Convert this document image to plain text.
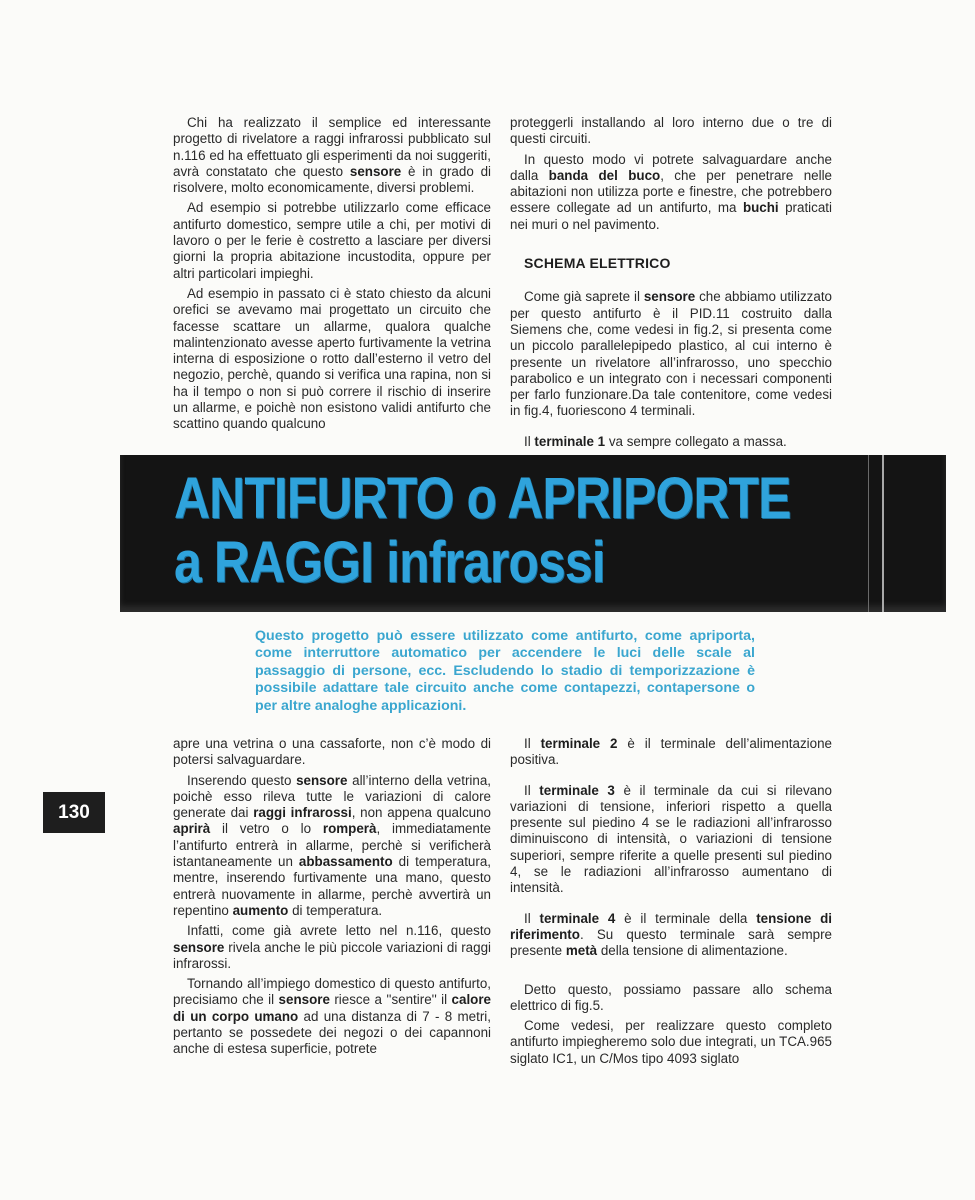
Chi ha realizzato il semplice ed interessante progetto di rivelatore a raggi infrarossi pubblicato sul n.116 ed ha effettuato gli esperimenti da noi suggeriti, avrà constatato che questo sensore è in grado di risolvere, molto economicamente, diversi problemi.

Ad esempio si potrebbe utilizzarlo come efficace antifurto domestico, sempre utile a chi, per motivi di lavoro o per le ferie è costretto a lasciare per diversi giorni la propria abitazione incustodita, oppure per altri particolari impieghi.

Ad esempio in passato ci è stato chiesto da alcuni orefici se avevamo mai progettato un circuito che facesse scattare un allarme, qualora qualche malintenzionato avesse aperto furtivamente la vetrina interna di esposizione o rotto dall’esterno il vetro del negozio, perchè, quando si verifica una rapina, non si ha il tempo o non si può correre il rischio di inserire un allarme, e poichè non esistono validi antifurto che scattino quando qualcuno

proteggerli installando al loro interno due o tre di questi circuiti.

In questo modo vi potrete salvaguardare anche dalla banda del buco, che per penetrare nelle abitazioni non utilizza porte e finestre, che potrebbero essere collegate ad un antifurto, ma buchi praticati nei muri o nel pavimento.

SCHEMA ELETTRICO

Come già saprete il sensore che abbiamo utilizzato per questo antifurto è il PID.11 costruito dalla Siemens che, come vedesi in fig.2, si presenta come un piccolo parallelepipedo plastico, al cui interno è presente un rivelatore all’infrarosso, uno specchio parabolico e un integrato con i necessari componenti per farlo funzionare.Da tale contenitore, come vedesi in fig.4, fuoriescono 4 terminali.

Il terminale 1 va sempre collegato a massa.

ANTIFURTO o APRIPORTE
a RAGGI infrarossi
Questo progetto può essere utilizzato come antifurto, come apriporta, come interruttore automatico per accendere le luci delle scale al passaggio di persone, ecc. Escludendo lo stadio di temporizzazione è possibile adattare tale circuito anche come contapezzi, contapersone o per altre analoghe applicazioni.
130

apre una vetrina o una cassaforte, non c’è modo di potersi salvaguardare.

Inserendo questo sensore all’interno della vetrina, poichè esso rileva tutte le variazioni di calore generate dai raggi infrarossi, non appena qualcuno aprirà il vetro o lo romperà, immediatamente l’antifurto entrerà in allarme, perchè si verificherà istantaneamente un abbassamento di temperatura, mentre, inserendo furtivamente una mano, questo entrerà nuovamente in allarme, perchè avvertirà un repentino aumento di temperatura.

Infatti, come già avrete letto nel n.116, questo sensore rivela anche le più piccole variazioni di raggi infrarossi.

Tornando all’impiego domestico di questo antifurto, precisiamo che il sensore riesce a ''sentire'' il calore di un corpo umano ad una distanza di 7 - 8 metri, pertanto se possedete dei negozi o dei capannoni anche di estesa superficie, potrete

Il terminale 2 è il terminale dell’alimentazione positiva.

Il terminale 3 è il terminale da cui si rilevano variazioni di tensione, inferiori rispetto a quella presente sul piedino 4 se le radiazioni all’infrarosso diminuiscono di intensità, o variazioni di tensione superiori, sempre riferite a quelle presenti sul piedino 4, se le radiazioni all’infrarosso aumentano di intensità.

Il terminale 4 è il terminale della tensione di riferimento. Su questo terminale sarà sempre presente metà della tensione di alimentazione.

Detto questo, possiamo passare allo schema elettrico di fig.5.

Come vedesi, per realizzare questo completo antifurto impiegheremo solo due integrati, un TCA.965 siglato IC1, un C/Mos tipo 4093 siglato
